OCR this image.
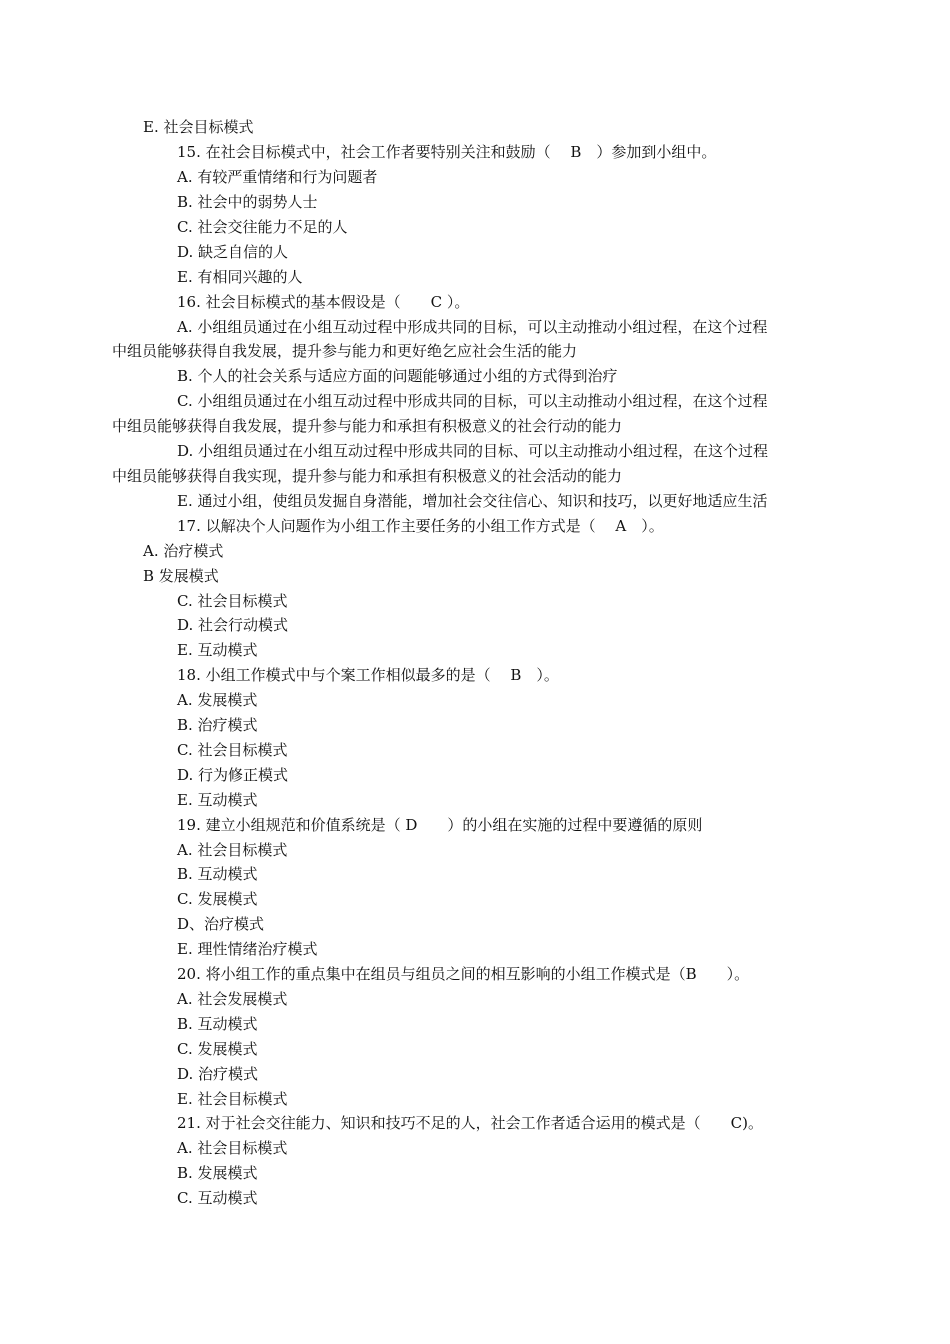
E. 社会目标模式
15. 在社会目标模式中，社会工作者要特别关注和鼓励（　 B　）参加到小组中。
A. 有较严重情绪和行为问题者
B. 社会中的弱势人士
C. 社会交往能力不足的人
D. 缺乏自信的人
E. 有相同兴趣的人
16. 社会目标模式的基本假设是（　　C ）。
A. 小组组员通过在小组互动过程中形成共同的目标，可以主动推动小组过程，在这个过程
中组员能够获得自我发展，提升参与能力和更好绝乞应社会生活的能力
B. 个人的社会关系与适应方面的问题能够通过小组的方式得到治疗
C. 小组组员通过在小组互动过程中形成共同的目标，可以主动推动小组过程，在这个过程
中组员能够获得自我发展，提升参与能力和承担有积极意义的社会行动的能力
D. 小组组员通过在小组互动过程中形成共同的目标、可以主动推动小组过程，在这个过程
中组员能够获得自我实现，提升参与能力和承担有积极意义的社会活动的能力
E. 通过小组，使组员发掘自身潜能，增加社会交往信心、知识和技巧，以更好地适应生活
17. 以解决个人问题作为小组工作主要任务的小组工作方式是（　 A　）。
A. 治疗模式
B 发展模式
C. 社会目标模式
D. 社会行动模式
E. 互动模式
18. 小组工作模式中与个案工作相似最多的是（　 B　）。
A. 发展模式
B. 治疗模式
C. 社会目标模式
D. 行为修正模式
E. 互动模式
19. 建立小组规范和价值系统是（ D　　）的小组在实施的过程中要遵循的原则
A. 社会目标模式
B. 互动模式
C. 发展模式
D、治疗模式
E. 理性情绪治疗模式
20. 将小组工作的重点集中在组员与组员之间的相互影响的小组工作模式是（B　　）。
A. 社会发展模式
B. 互动模式
C. 发展模式
D. 治疗模式
E. 社会目标模式
21. 对于社会交往能力、知识和技巧不足的人，社会工作者适合运用的模式是（　　C)。
A. 社会目标模式
B. 发展模式
C. 互动模式
